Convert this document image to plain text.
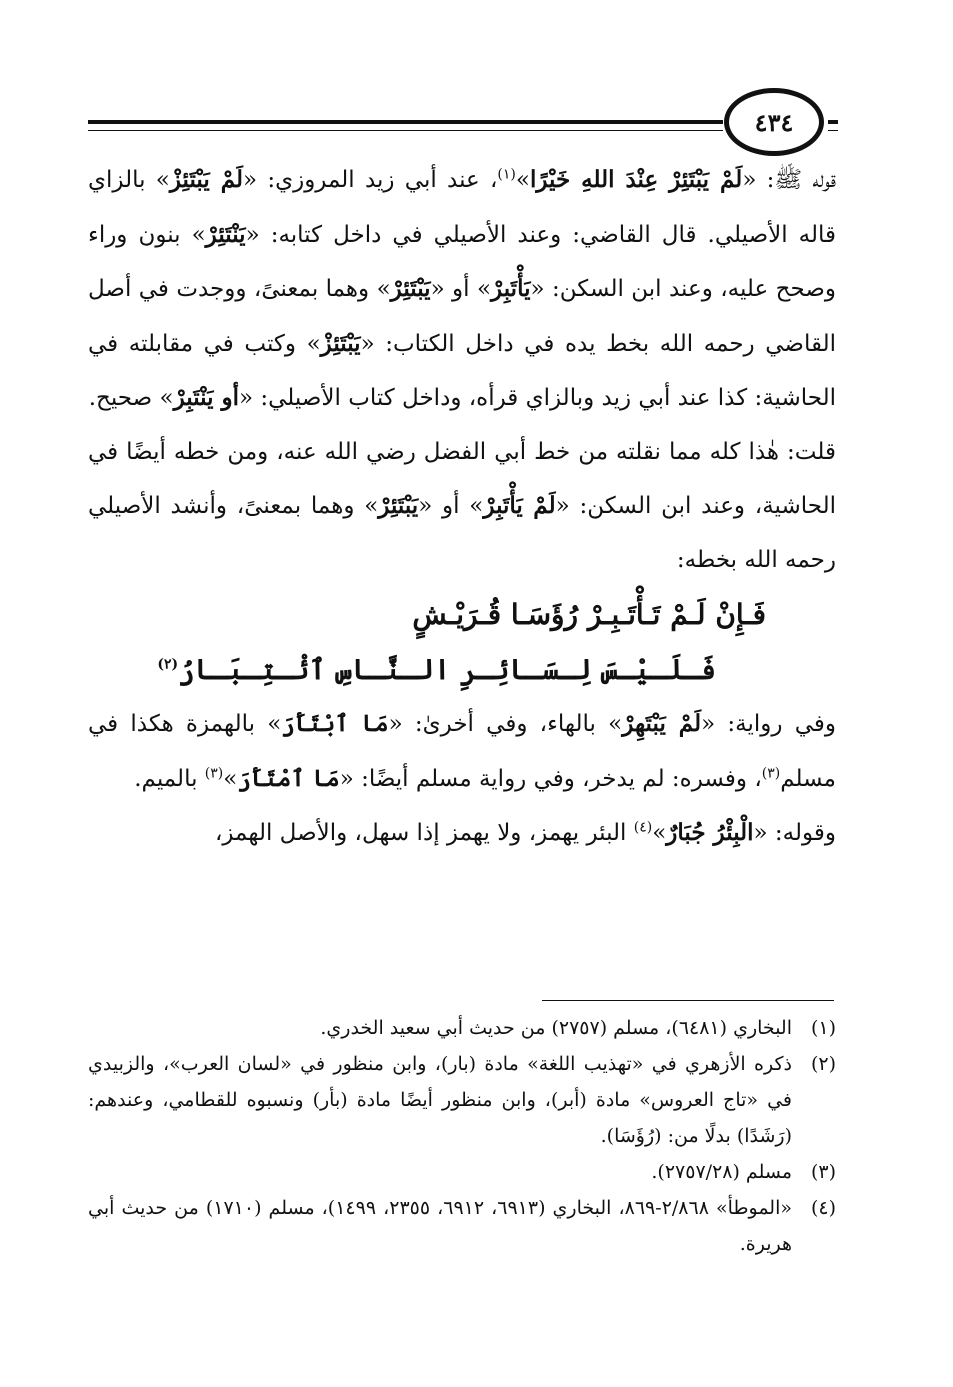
٤٣٤

قوله ﷺ: «لَمْ يَبْتَئِرْ عِنْدَ اللهِ خَيْرًا»$^{(١)}$، عند أبي زيد المروزي: «لَمْ يَبْتَئِزْ» بالزاي قاله الأصيلي. قال القاضي: وعند الأصيلي في داخل كتابه: «يَنْتَئِرْ» بنون وراء وصحح عليه، وعند ابن السكن: «يَأْتَبِرْ» أو «يَبْتَئِرْ» وهما بمعنىً، ووجدت في أصل القاضي رحمه الله بخط يده في داخل الكتاب: «يَبْتَئِزْ» وكتب في مقابلته في الحاشية: كذا عند أبي زيد وبالزاي قرأه، وداخل كتاب الأصيلي: «أو يَنْتَبِرْ» صحيح.

قلت: هٰذا كله مما نقلته من خط أبي الفضل رضي الله عنه، ومن خطه أيضًا في الحاشية، وعند ابن السكن: «لَمْ يَأْتَبِرْ» أو «يَبْتَئِرْ» وهما بمعنىً، وأنشد الأصيلي رحمه الله بخطه:

فَـإِنْ لَـمْ تَـأْتَـبِـرْ رُؤَسَـا قُـرَيْـشٍ
فَـلَـيْـسَ لِـسَـائِـرِ الـنَّـاسِ ٱئْـتِـبَـارُ$^{(٢)}$

وفي رواية: «لَمْ يَبْتَهِرْ» بالهاء، وفي أخرىٰ: «مَا ٱبْتَأَرَ» بالهمزة هكذا في مسلم$^{(٣)}$، وفسره: لم يدخر، وفي رواية مسلم أيضًا: «مَا ٱمْتَأَرَ»$^{(٣)}$ بالميم.

وقوله: «الْبِئْرُ جُبَارٌ»$^{(٤)}$ البئر يهمز، ولا يهمز إذا سهل، والأصل الهمز،

(١)
البخاري (٦٤٨١)، مسلم (٢٧٥٧) من حديث أبي سعيد الخدري.
(٢)
ذكره الأزهري في «تهذيب اللغة» مادة (بار)، وابن منظور في «لسان العرب»، والزبيدي في «تاج العروس» مادة (أبر)، وابن منظور أيضًا مادة (بأر) ونسبوه للقطامي، وعندهم: (رَشَدًا) بدلًا من: (رُؤَسَا).
(٣)
مسلم (٢٧٥٧/٢٨).
(٤)
«الموطأ» ٢/٨٦٨-٨٦٩، البخاري (٦٩١٣، ٦٩١٢، ٢٣٥٥، ١٤٩٩)، مسلم (١٧١٠) من حديث أبي هريرة.
